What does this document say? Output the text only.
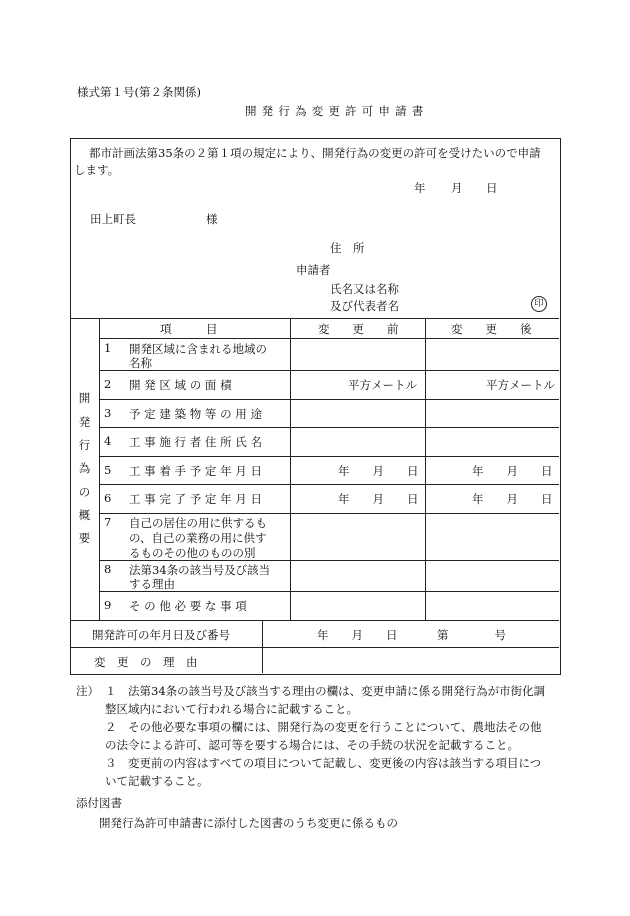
様式第１号(第２条関係)
開発行為変更許可申請書
都市計画法第35条の２第１項の規定により、開発行為の変更の許可を受けたいので申請
します。
年 月 日
田上町長	様
住　所
申請者
氏名又は名称
及び代表者名	印
開
発
行
為
の
概
要
項　　　目	変　　更　　前	変　　更　　後
1 開発区域に含まれる地域の
名称
2 開発区域の面積	平方メートル	平方メートル
3 予定建築物等の用途
4 工事施行者住所氏名
5 工事着手予定年月日	年　　月　　日	年　　月　　日
6 工事完了予定年月日	年　　月　　日	年　　月　　日
7 自己の居住の用に供するも
の、自己の業務の用に供す
るものその他のものの別
8 法第34条の該当号及び該当
する理由
9 その他必要な事項
開発許可の年月日及び番号	年　　月　　日	第　　　　号
変　更　の　理　由
注） １　法第34条の該当号及び該当する理由の欄は、変更申請に係る開発行為が市街化調
整区域内において行われる場合に記載すること。
２　その他必要な事項の欄には、開発行為の変更を行うことについて、農地法その他
の法令による許可、認可等を要する場合には、その手続の状況を記載すること。
３　変更前の内容はすべての項目について記載し、変更後の内容は該当する項目につ
いて記載すること。
添付図書
開発行為許可申請書に添付した図書のうち変更に係るもの
